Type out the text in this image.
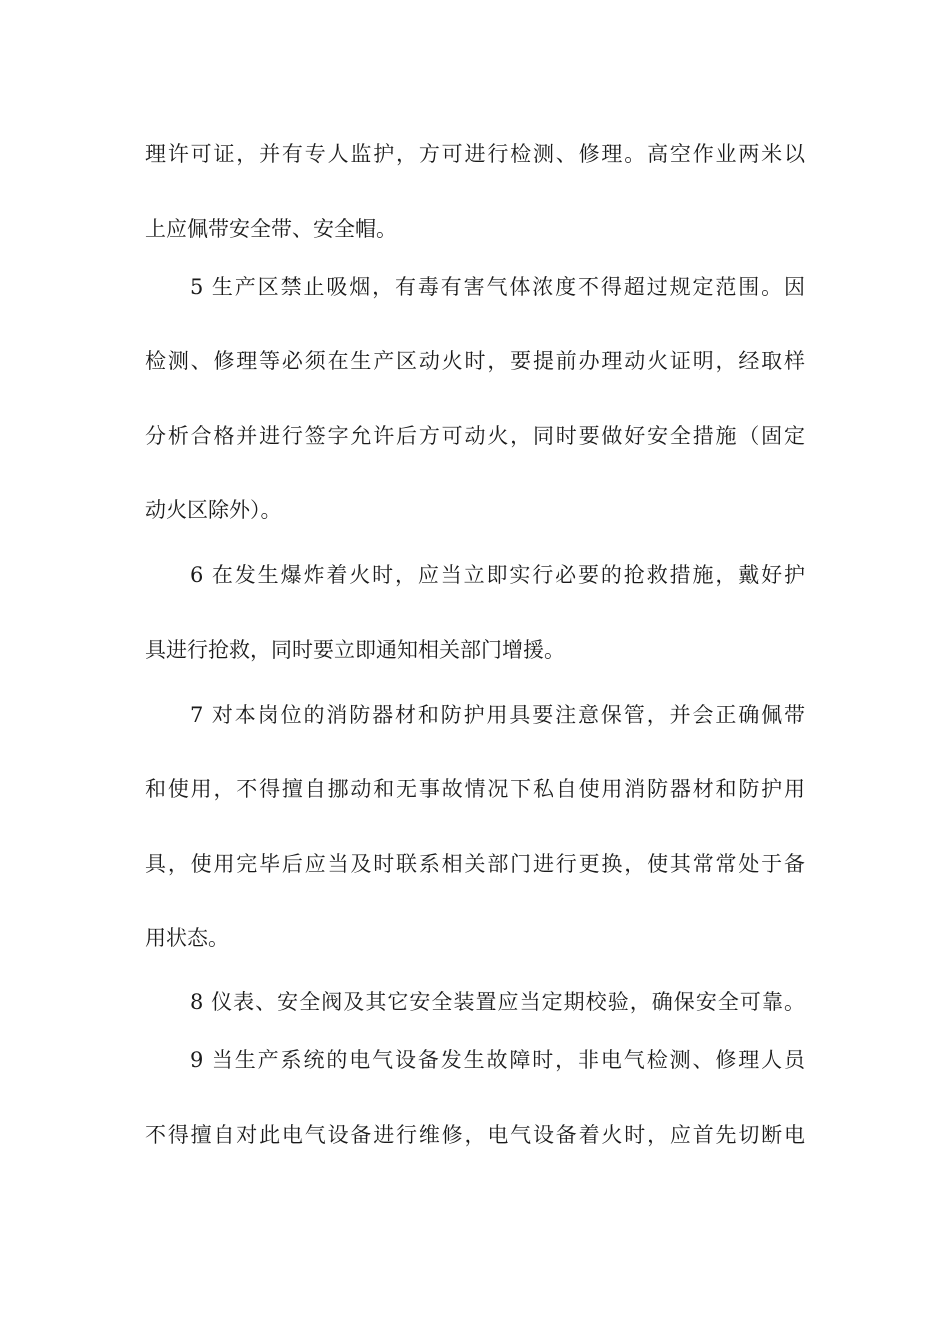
理许可证，并有专人监护，方可进行检测、修理。高空作业两米以
上应佩带安全带、安全帽。
5 生产区禁止吸烟，有毒有害气体浓度不得超过规定范围。因
检测、修理等必须在生产区动火时，要提前办理动火证明，经取样
分析合格并进行签字允许后方可动火，同时要做好安全措施（固定
动火区除外）。
6 在发生爆炸着火时，应当立即实行必要的抢救措施，戴好护
具进行抢救，同时要立即通知相关部门增援。
7 对本岗位的消防器材和防护用具要注意保管，并会正确佩带
和使用，不得擅自挪动和无事故情况下私自使用消防器材和防护用
具，使用完毕后应当及时联系相关部门进行更换，使其常常处于备
用状态。
8 仪表、安全阀及其它安全装置应当定期校验，确保安全可靠。
9 当生产系统的电气设备发生故障时，非电气检测、修理人员
不得擅自对此电气设备进行维修，电气设备着火时，应首先切断电
